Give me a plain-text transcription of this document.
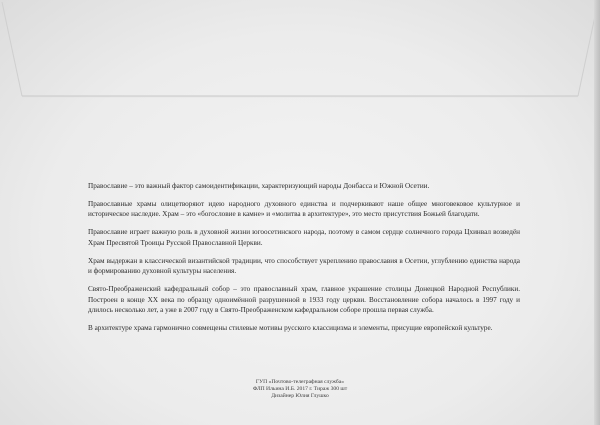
Православие – это важный фактор самоидентификации, характеризующий народы Донбасса и Южной Осетии.

Православные храмы олицетворяют идею народного духовного единства и подчеркивают наше общее многовековое культурное и историческое наследие. Храм – это «богословие в камне» и «молитва в архитектуре», это место присутствия Божьей благодати.

Православие играет важную роль в духовной жизни югоосетинского народа, поэтому в самом сердце солнечного города Цхинвал возведён Храм Пресвятой Троицы Русской Православной Церкви.

Храм выдержан в классической византийской традиции, что способствует укреплению православия в Осетии, углублению единства народа и формированию духовной культуры населения.

Свято-Преображенский кафедральный собор – это православный храм, главное украшение столицы Донецкой Народной Республики. Построен в конце XX века по образцу одноимённой разрушенной в 1933 году церкви. Восстановление собора началось в 1997 году и длилось несколько лет, а уже в 2007 году в Свято-Преображенском кафедральном соборе прошла первая служба.

В архитектуре храма гармонично совмещены стилевые мотивы русского классицизма и элементы, присущие европейской культуре.

ГУП «Почтово-телеграфная служба»
ФЛП Ильина И.Б. 2017 г. Тираж 300 шт
Дизайнер Юлия Глушко
